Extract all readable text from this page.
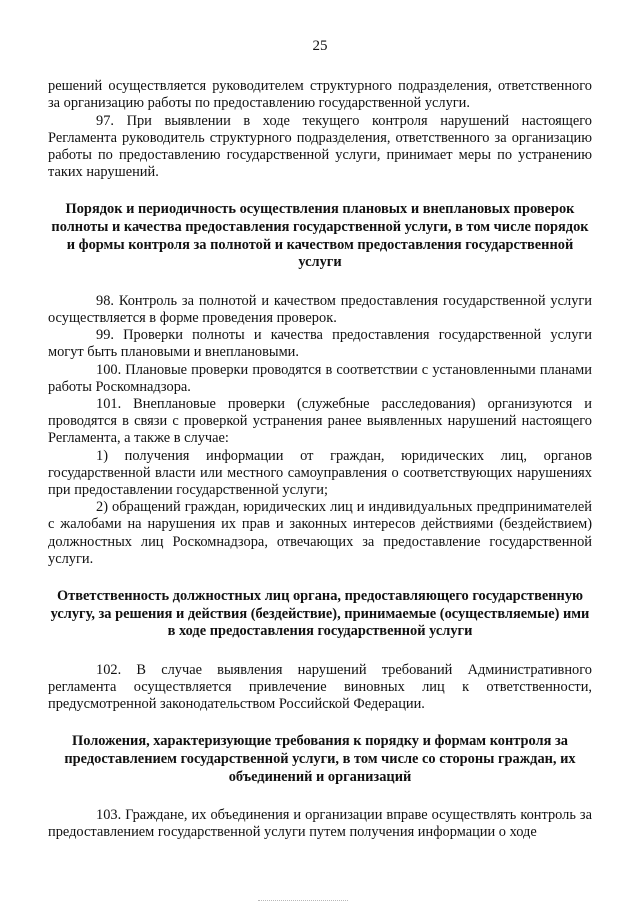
25

решений осуществляется руководителем структурного подразделения, ответственного за организацию работы по предоставлению государственной услуги.

97. При выявлении в ходе текущего контроля нарушений настоящего Регламента руководитель структурного подразделения, ответственного за организацию работы по предоставлению государственной услуги, принимает меры по устранению таких нарушений.

Порядок и периодичность осуществления плановых и внеплановых проверок полноты и качества предоставления государственной услуги, в том числе порядок и формы контроля за полнотой и качеством предоставления государственной услуги

98. Контроль за полнотой и качеством предоставления государственной услуги осуществляется в форме проведения проверок.

99. Проверки полноты и качества предоставления государственной услуги могут быть плановыми и внеплановыми.

100. Плановые проверки проводятся в соответствии с установленными планами работы Роскомнадзора.

101. Внеплановые проверки (служебные расследования) организуются и проводятся в связи с проверкой устранения ранее выявленных нарушений настоящего Регламента, а также в случае:

1) получения информации от граждан, юридических лиц, органов государственной власти или местного самоуправления о соответствующих нарушениях при предоставлении государственной услуги;

2) обращений граждан, юридических лиц и индивидуальных предпринимателей с жалобами на нарушения их прав и законных интересов действиями (бездействием) должностных лиц Роскомнадзора, отвечающих за предоставление государственной услуги.

Ответственность должностных лиц органа, предоставляющего государственную услугу, за решения и действия (бездействие), принимаемые (осуществляемые) ими в ходе предоставления государственной услуги

102. В случае выявления нарушений требований Административного регламента осуществляется привлечение виновных лиц к ответственности, предусмотренной законодательством Российской Федерации.

Положения, характеризующие требования к порядку и формам контроля за предоставлением государственной услуги, в том числе со стороны граждан, их объединений и организаций

103. Граждане, их объединения и организации вправе осуществлять контроль за предоставлением государственной услуги путем получения информации о ходе
